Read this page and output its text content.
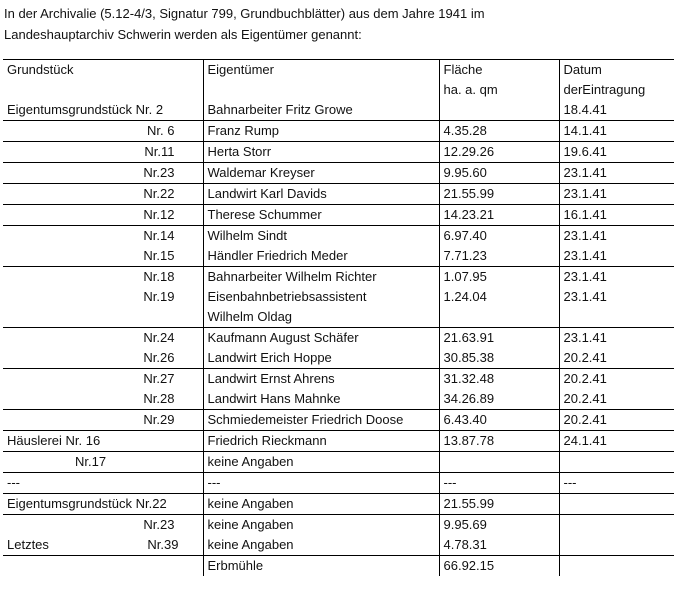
In der Archivalie (5.12-4/3, Signatur 799, Grundbuchblätter) aus dem Jahre 1941 im
Landeshauptarchiv Schwerin werden als Eigentümer genannt:
Grundstück	Eigentümer	Fläche	Datum
		ha. a. qm	derEintragung
Eigentumsgrundstück Nr. 2	Bahnarbeiter Fritz Growe		18.4.41
Nr. 6	Franz Rump	4.35.28	14.1.41
Nr.11	Herta Storr	12.29.26	19.6.41
Nr.23	Waldemar Kreyser	9.95.60	23.1.41
Nr.22	Landwirt Karl Davids	21.55.99	23.1.41
Nr.12	Therese Schummer	14.23.21	16.1.41
Nr.14	Wilhelm Sindt	6.97.40	23.1.41
Nr.15	Händler Friedrich Meder	7.71.23	23.1.41
Nr.18	Bahnarbeiter Wilhelm Richter	1.07.95	23.1.41
Nr.19	Eisenbahnbetriebsassistent	1.24.04	23.1.41
	Wilhelm Oldag		
Nr.24	Kaufmann August Schäfer	21.63.91	23.1.41
Nr.26	Landwirt Erich Hoppe	30.85.38	20.2.41
Nr.27	Landwirt Ernst Ahrens	31.32.48	20.2.41
Nr.28	Landwirt Hans Mahnke	34.26.89	20.2.41
Nr.29	Schmiedemeister Friedrich Doose	6.43.40	20.2.41
Häuslerei Nr. 16	Friedrich Rieckmann	13.87.78	24.1.41
Nr.17	keine Angaben		
---	---	---	---
Eigentumsgrundstück Nr.22	keine Angaben	21.55.99	
Nr.23	keine Angaben	9.95.69	

Letztes Nr.39	keine Angaben	4.78.31	
	Erbmühle	66.92.15	
